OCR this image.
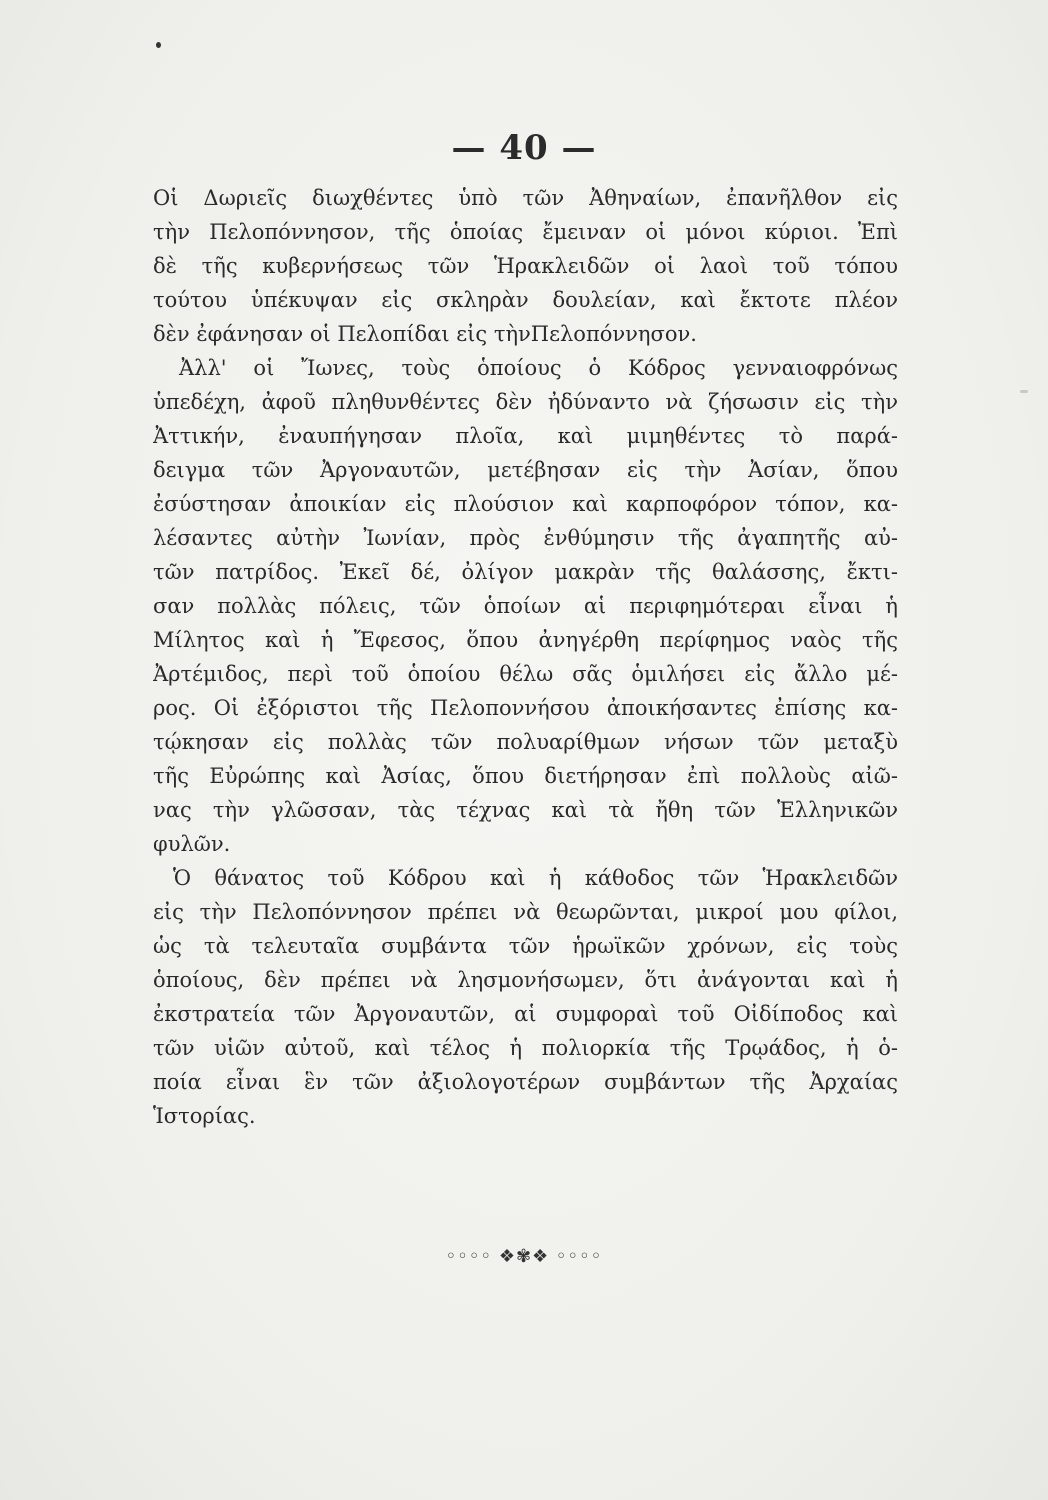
— 40 —
Οἱ Δωριεῖς διωχθέντες ὑπὸ τῶν Ἀθηναίων, ἐπανῆλθον εἰς
τὴν Πελοπόννησον, τῆς ὁποίας ἔμειναν οἱ μόνοι κύριοι. Ἐπὶ
δὲ τῆς κυβερνήσεως τῶν Ἡρακλειδῶν οἱ λαοὶ τοῦ τόπου
τούτου ὑπέκυψαν εἰς σκληρὰν δουλείαν, καὶ ἔκτοτε πλέον
δὲν ἐφάνησαν οἱ Πελοπίδαι εἰς τὴνΠελοπόννησον.
Ἀλλ' οἱ Ἴωνες, τοὺς ὁποίους ὁ Κόδρος γενναιοφρόνως
ὑπεδέχη, ἀφοῦ πληθυνθέντες δὲν ἠδύναντο νὰ ζήσωσιν εἰς τὴν
Ἀττικήν, ἐναυπήγησαν πλοῖα, καὶ μιμηθέντες τὸ παρά-
δειγμα τῶν Ἀργοναυτῶν, μετέβησαν εἰς τὴν Ἀσίαν, ὅπου
ἐσύστησαν ἀποικίαν εἰς πλούσιον καὶ καρποφόρον τόπον, κα-
λέσαντες αὐτὴν Ἰωνίαν, πρὸς ἐνθύμησιν τῆς ἀγαπητῆς αὐ-
τῶν πατρίδος. Ἐκεῖ δέ, ὀλίγον μακρὰν τῆς θαλάσσης, ἔκτι-
σαν πολλὰς πόλεις, τῶν ὁποίων αἱ περιφημότεραι εἶναι ἡ
Μίλητος καὶ ἡ Ἔφεσος, ὅπου ἀνηγέρθη περίφημος ναὸς τῆς
Ἀρτέμιδος, περὶ τοῦ ὁποίου θέλω σᾶς ὁμιλήσει εἰς ἄλλο μέ-
ρος. Οἱ ἐξόριστοι τῆς Πελοποννήσου ἀποικήσαντες ἐπίσης κα-
τῴκησαν εἰς πολλὰς τῶν πολυαρίθμων νήσων τῶν μεταξὺ
τῆς Εὐρώπης καὶ Ἀσίας, ὅπου διετήρησαν ἐπὶ πολλοὺς αἰῶ-
νας τὴν γλῶσσαν, τὰς τέχνας καὶ τὰ ἤθη τῶν Ἑλληνικῶν
φυλῶν.
Ὁ θάνατος τοῦ Κόδρου καὶ ἡ κάθοδος τῶν Ἡρακλειδῶν
εἰς τὴν Πελοπόννησον πρέπει νὰ θεωρῶνται, μικροί μου φίλοι,
ὡς τὰ τελευταῖα συμβάντα τῶν ἡρωϊκῶν χρόνων, εἰς τοὺς
ὁποίους, δὲν πρέπει νὰ λησμονήσωμεν, ὅτι ἀνάγονται καὶ ἡ
ἐκστρατεία τῶν Ἀργοναυτῶν, αἱ συμφοραὶ τοῦ Οἰδίποδος καὶ
τῶν υἱῶν αὐτοῦ, καὶ τέλος ἡ πολιορκία τῆς Τρῳάδος, ἡ ὁ-
ποία εἶναι ἓν τῶν ἀξιολογοτέρων συμβάντων τῆς Ἀρχαίας
Ἱστορίας.
◦◦◦◦ ❖✾❖ ◦◦◦◦
